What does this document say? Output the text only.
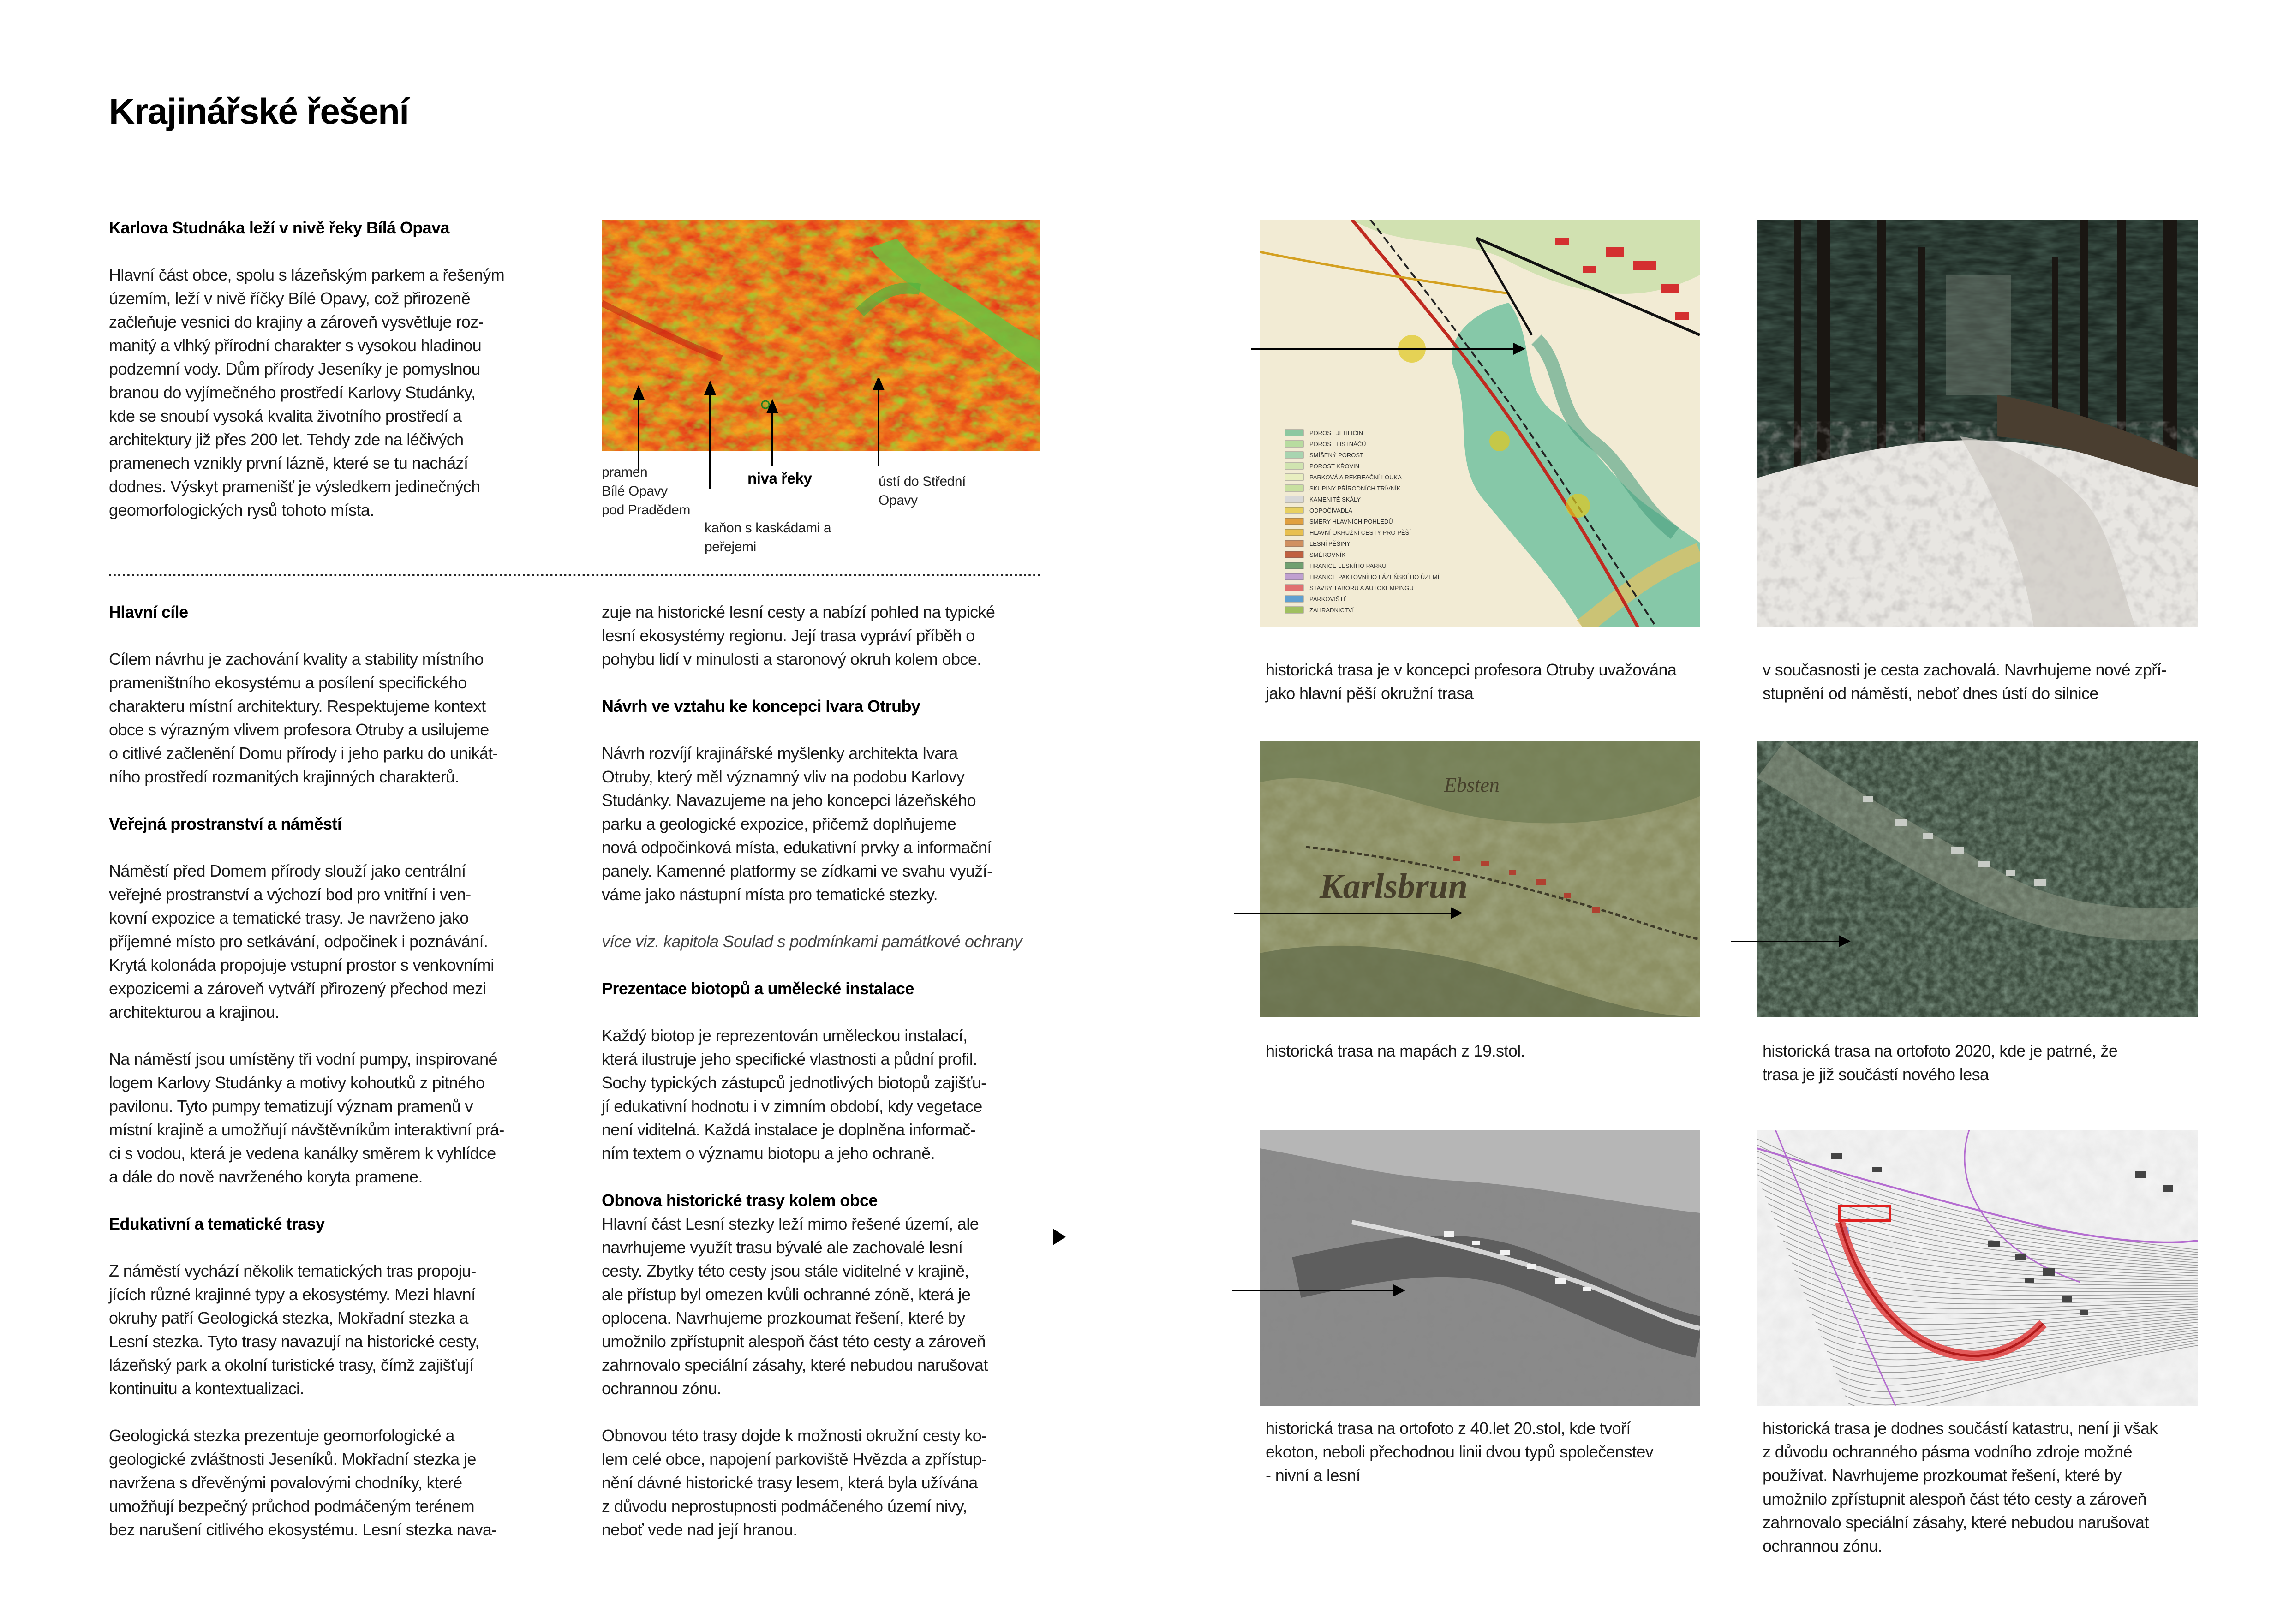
Krajinářské řešení

Karlova Studnáka leží v nivě řeky Bílá Opava

Hlavní část obce, spolu s lázeňským parkem a řešeným

územím, leží v nivě říčky Bílé Opavy, což přirozeně

začleňuje vesnici do krajiny a zároveň vysvětluje roz-

manitý a vlhký přírodní charakter s vysokou hladinou

podzemní vody. Dům přírody Jeseníky je pomyslnou

branou do vyjímečného prostředí Karlovy Studánky,

kde se snoubí vysoká kvalita životního prostředí a

architektury již přes 200 let. Tehdy zde na léčivých

pramenech vznikly první lázně, které se tu nachází

dodnes. Výskyt pramenišť je výsledkem jedinečných

geomorfologických rysů tohoto místa.

pramen
Bílé Opavy
pod Pradědem
niva řeky
kaňon s kaskádami a
peřejemi
ústí do Střední
Opavy

Hlavní cíle

Cílem návrhu je zachování kvality a stability místního

prameništního ekosystému a posílení specifického

charakteru místní architektury. Respektujeme kontext

obce s výrazným vlivem profesora Otruby a usilujeme

o citlivé začlenění Domu přírody i jeho parku do unikát-

ního prostředí rozmanitých krajinných charakterů.

Veřejná prostranství a náměstí

Náměstí před Domem přírody slouží jako centrální

veřejné prostranství a výchozí bod pro vnitřní i ven-

kovní expozice a tematické trasy. Je navrženo jako

příjemné místo pro setkávání, odpočinek i poznávání.

Krytá kolonáda propojuje vstupní prostor s venkovními

expozicemi a zároveň vytváří přirozený přechod mezi

architekturou a krajinou.

Na náměstí jsou umístěny tři vodní pumpy, inspirované

logem Karlovy Studánky a motivy kohoutků z pitného

pavilonu. Tyto pumpy tematizují význam pramenů v

místní krajině a umožňují návštěvníkům interaktivní prá-

ci s vodou, která je vedena kanálky směrem k vyhlídce

a dále do nově navrženého koryta pramene.

Edukativní a tematické trasy

Z náměstí vychází několik tematických tras propoju-

jících různé krajinné typy a ekosystémy. Mezi hlavní

okruhy patří Geologická stezka, Mokřadní stezka a

Lesní stezka. Tyto trasy navazují na historické cesty,

lázeňský park a okolní turistické trasy, čímž zajišťují

kontinuitu a kontextualizaci.

Geologická stezka prezentuje geomorfologické a

geologické zvláštnosti Jeseníků. Mokřadní stezka je

navržena s dřevěnými povalovými chodníky, které

umožňují bezpečný průchod podmáčeným terénem

bez narušení citlivého ekosystému. Lesní stezka nava-

zuje na historické lesní cesty a nabízí pohled na typické

lesní ekosystémy regionu. Její trasa vypráví příběh o

pohybu lidí v minulosti a staronový okruh kolem obce.

Návrh ve vztahu ke koncepci Ivara Otruby

Návrh rozvíjí krajinářské myšlenky architekta Ivara

Otruby, který měl významný vliv na podobu Karlovy

Studánky. Navazujeme na jeho koncepci lázeňského

parku a geologické expozice, přičemž doplňujeme

nová odpočinková místa, edukativní prvky a informační

panely. Kamenné platformy se zídkami ve svahu využí-

váme jako nástupní místa pro tematické stezky.

více viz. kapitola Soulad s podmínkami památkové ochrany

Prezentace biotopů a umělecké instalace

Každý biotop je reprezentován uměleckou instalací,

která ilustruje jeho specifické vlastnosti a půdní profil.

Sochy typických zástupců jednotlivých biotopů zajišťu-

jí edukativní hodnotu i v zimním období, kdy vegetace

není viditelná. Každá instalace je doplněna informač-

ním textem o významu biotopu a jeho ochraně.

Obnova historické trasy kolem obce

Hlavní část Lesní stezky leží mimo řešené území, ale

navrhujeme využít trasu bývalé ale zachovalé lesní

cesty. Zbytky této cesty jsou stále viditelné v krajině,

ale přístup byl omezen kvůli ochranné zóně, která je

oplocena. Navrhujeme prozkoumat řešení, které by

umožnilo zpřístupnit alespoň část této cesty a zároveň

zahrnovalo speciální zásahy, které nebudou narušovat

ochrannou zónu.

Obnovou této trasy dojde k možnosti okružní cesty ko-

lem celé obce, napojení parkoviště Hvězda a zpřístup-

nění dávné historické trasy lesem, která byla užívána

z důvodu neprostupnosti podmáčeného území nivy,

neboť vede nad její hranou.

POROST JEHLIČIN
POROST LISTNÁČŮ
SMÍŠENÝ POROST
POROST KŘOVIN
PARKOVÁ A REKREAČNÍ LOUKA
SKUPINY PŘÍRODNÍCH TRÍVNÍK
KAMENITÉ SKÁLY
ODPOČÍVADLA
SMĚRY HLAVNÍCH POHLEDŮ
HLAVNÍ OKRUŽNÍ CESTY PRO PĚŠÍ
LESNÍ PĚŠINY
SMĚROVNÍK
HRANICE LESNÍHO PARKU
HRANICE PAKTOVNÍHO LÁZEŇSKÉHO ÚZEMÍ
STAVBY TÁBORU A AUTOKEMPINGU
PARKOVIŠTĚ
ZAHRADNICTVÍ
historická trasa je v koncepci profesora Otruby uvažována
jako hlavní pěší okružní trasa
v současnosti je cesta zachovalá. Navrhujeme nové zpří-
stupnění od náměstí, neboť dnes ústí do silnice
Karlsbrun
Ebsten
historická trasa na mapách z 19.stol.	historická trasa na ortofoto 2020, kde je patrné, že
trasa je již součástí nového lesa
historická trasa na ortofoto z 40.let 20.stol, kde tvoří
ekoton, neboli přechodnou linii dvou typů společenstev
- nivní a lesní
historická trasa je dodnes součástí katastru, není ji však
z důvodu ochranného pásma vodního zdroje možné
používat. Navrhujeme prozkoumat řešení, které by
umožnilo zpřístupnit alespoň část této cesty a zároveň
zahrnovalo speciální zásahy, které nebudou narušovat
ochrannou zónu.
